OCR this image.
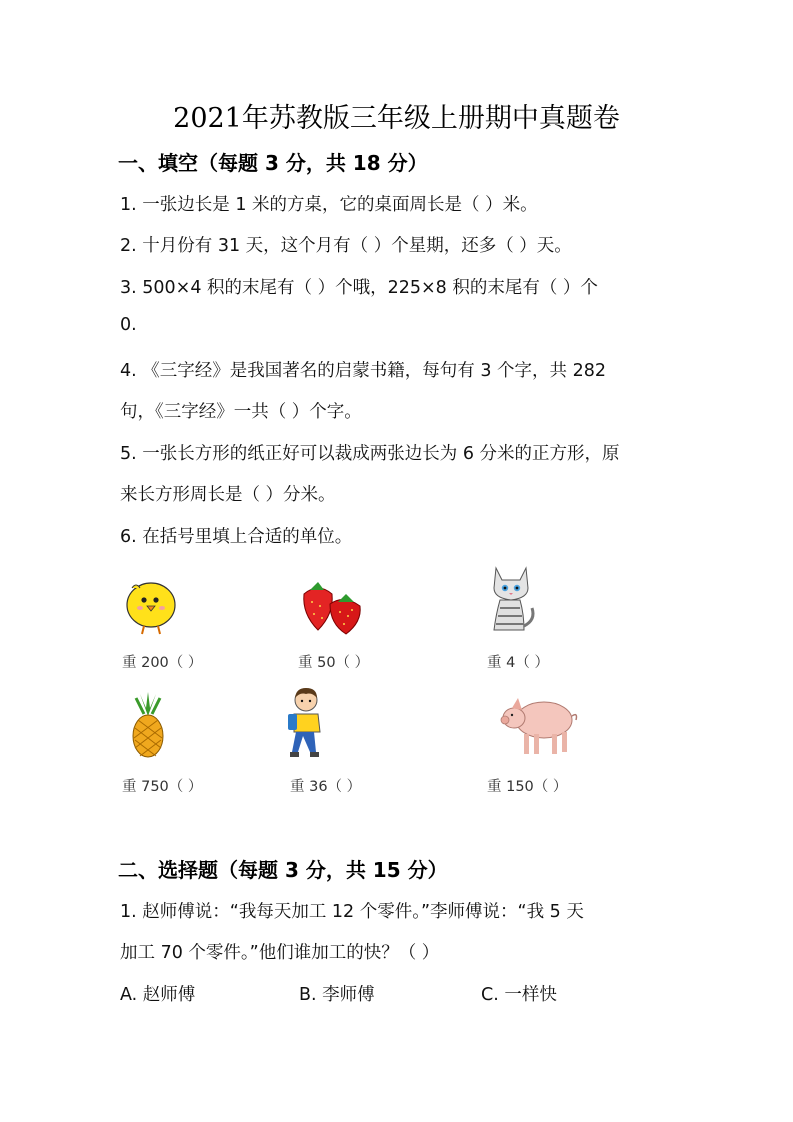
2021年苏教版三年级上册期中真题卷
一、填空（每题 3 分，共 18 分）
1. 一张边长是 1 米的方桌，它的桌面周长是（ ）米。
2. 十月份有 31 天，这个月有（ ）个星期，还多（ ）天。
3. 500×4 积的末尾有（ ）个哦，225×8 积的末尾有（ ）个
0.
4. 《三字经》是我国著名的启蒙书籍，每句有 3 个字，共 282
句，《三字经》一共（ ）个字。
5. 一张长方形的纸正好可以裁成两张边长为 6 分米的正方形，原
来长方形周长是（ ）分米。
6. 在括号里填上合适的单位。
重 200（ ）	重 50（ ）	重 4（ ）
重 750（ ）	重 36（ ）	重 150（ ）
二、选择题（每题 3 分，共 15 分）
1. 赵师傅说：“我每天加工 12 个零件。”李师傅说：“我 5 天
加工 70 个零件。”他们谁加工的快？（ ）
A. 赵师傅	B. 李师傅	C. 一样快
